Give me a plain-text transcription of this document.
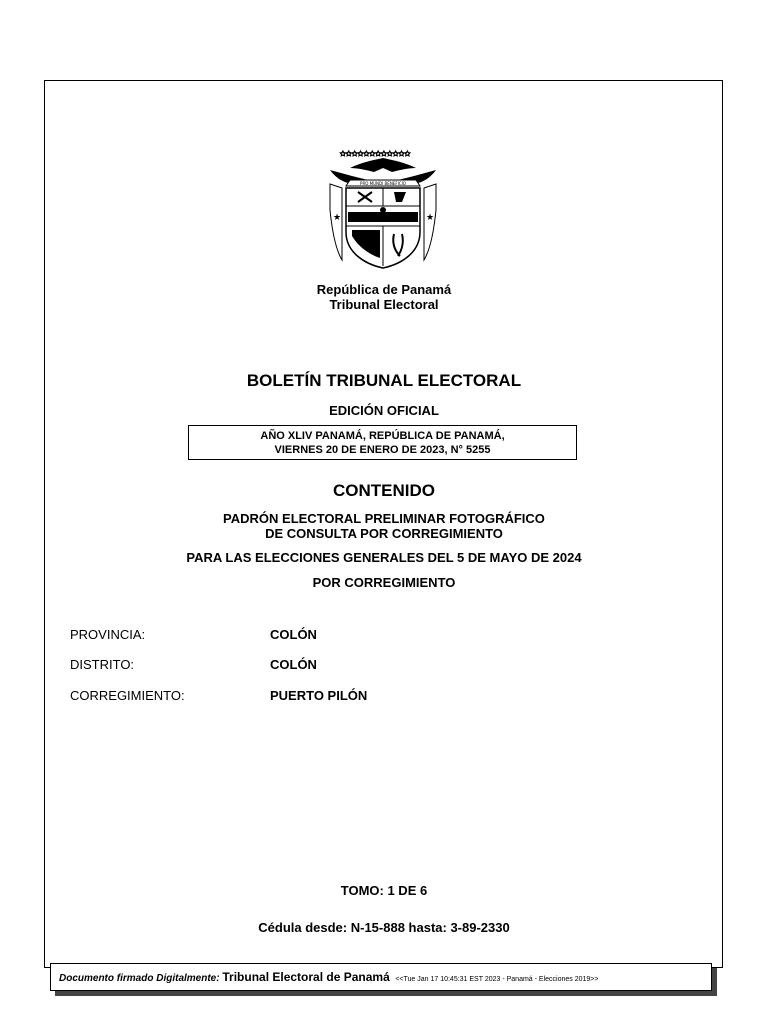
✩✩✩✩✩✩✩✩✩✩✩✩
PRO MUNDI BENEFICIO
★	★
República de Panamá
Tribunal Electoral
BOLETÍN TRIBUNAL ELECTORAL
EDICIÓN OFICIAL
AÑO XLIV PANAMÁ, REPÚBLICA DE PANAMÁ,
VIERNES 20 DE ENERO DE 2023, N° 5255
CONTENIDO
PADRÓN ELECTORAL PRELIMINAR FOTOGRÁFICO
DE CONSULTA POR CORREGIMIENTO
PARA LAS ELECCIONES GENERALES DEL 5 DE MAYO DE 2024
POR CORREGIMIENTO
PROVINCIA:	COLÓN
DISTRITO:	COLÓN
CORREGIMIENTO:	PUERTO PILÓN
TOMO: 1 DE 6
Cédula desde: N-15-888 hasta: 3-89-2330
Documento firmado Digitalmente: Tribunal Electoral de Panamá <<Tue Jan 17 10:45:31 EST 2023 - Panamá - Elecciones 2019>>
